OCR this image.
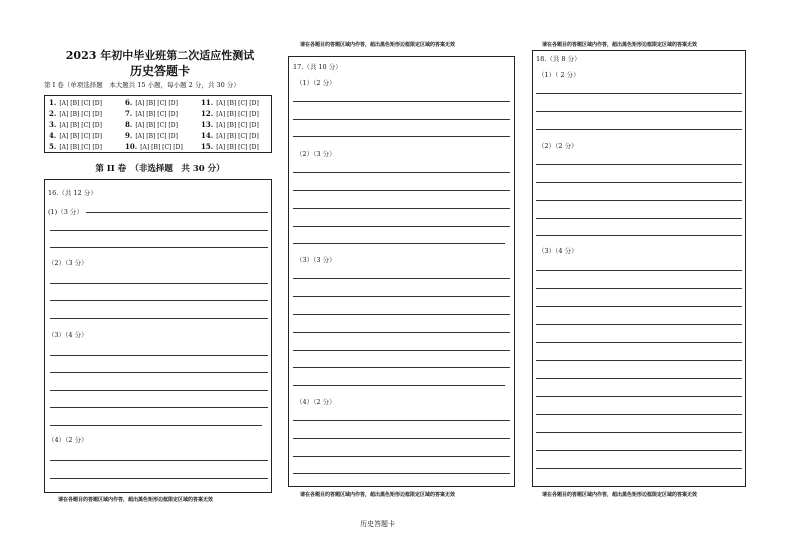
2023 年初中毕业班第二次适应性测试
历史答题卡
第 I 卷（单项选择题　本大题共 15 小题，每小题 2 分，共 30 分）
1. [A] [B] [C] [D]
2. [A] [B] [C] [D]
3. [A] [B] [C] [D]
4. [A] [B] [C] [D]
5. [A] [B] [C] [D]
6. [A] [B] [C] [D]
7. [A] [B] [C] [D]
8. [A] [B] [C] [D]
9. [A] [B] [C] [D]
10. [A] [B] [C] [D]
11. [A] [B] [C] [D]
12. [A] [B] [C] [D]
13. [A] [B] [C] [D]
14. [A] [B] [C] [D]
15. [A] [B] [C] [D]
第 II 卷　（非选择题　共 30 分）
16.（共 12 分）
(1)（3 分）
（2）（3 分）
（3）（4 分）
（4）（2 分）
请在各题目的答题区域内作答，超出黑色矩形边框限定区域的答案无效
请在各题目的答题区域内作答，超出黑色矩形边框限定区域的答案无效
17.（共 10 分）
（1）（2 分）
（2）（3 分）
（3）（3 分）
（4）（2 分）
请在各题目的答题区域内作答，超出黑色矩形边框限定区域的答案无效
请在各题目的答题区域内作答，超出黑色矩形边框限定区域的答案无效
18.（共 8 分）
（1）（ 2 分）
（2）（2 分）
（3）（4 分）
请在各题目的答题区域内作答，超出黑色矩形边框限定区域的答案无效
历史答题卡
